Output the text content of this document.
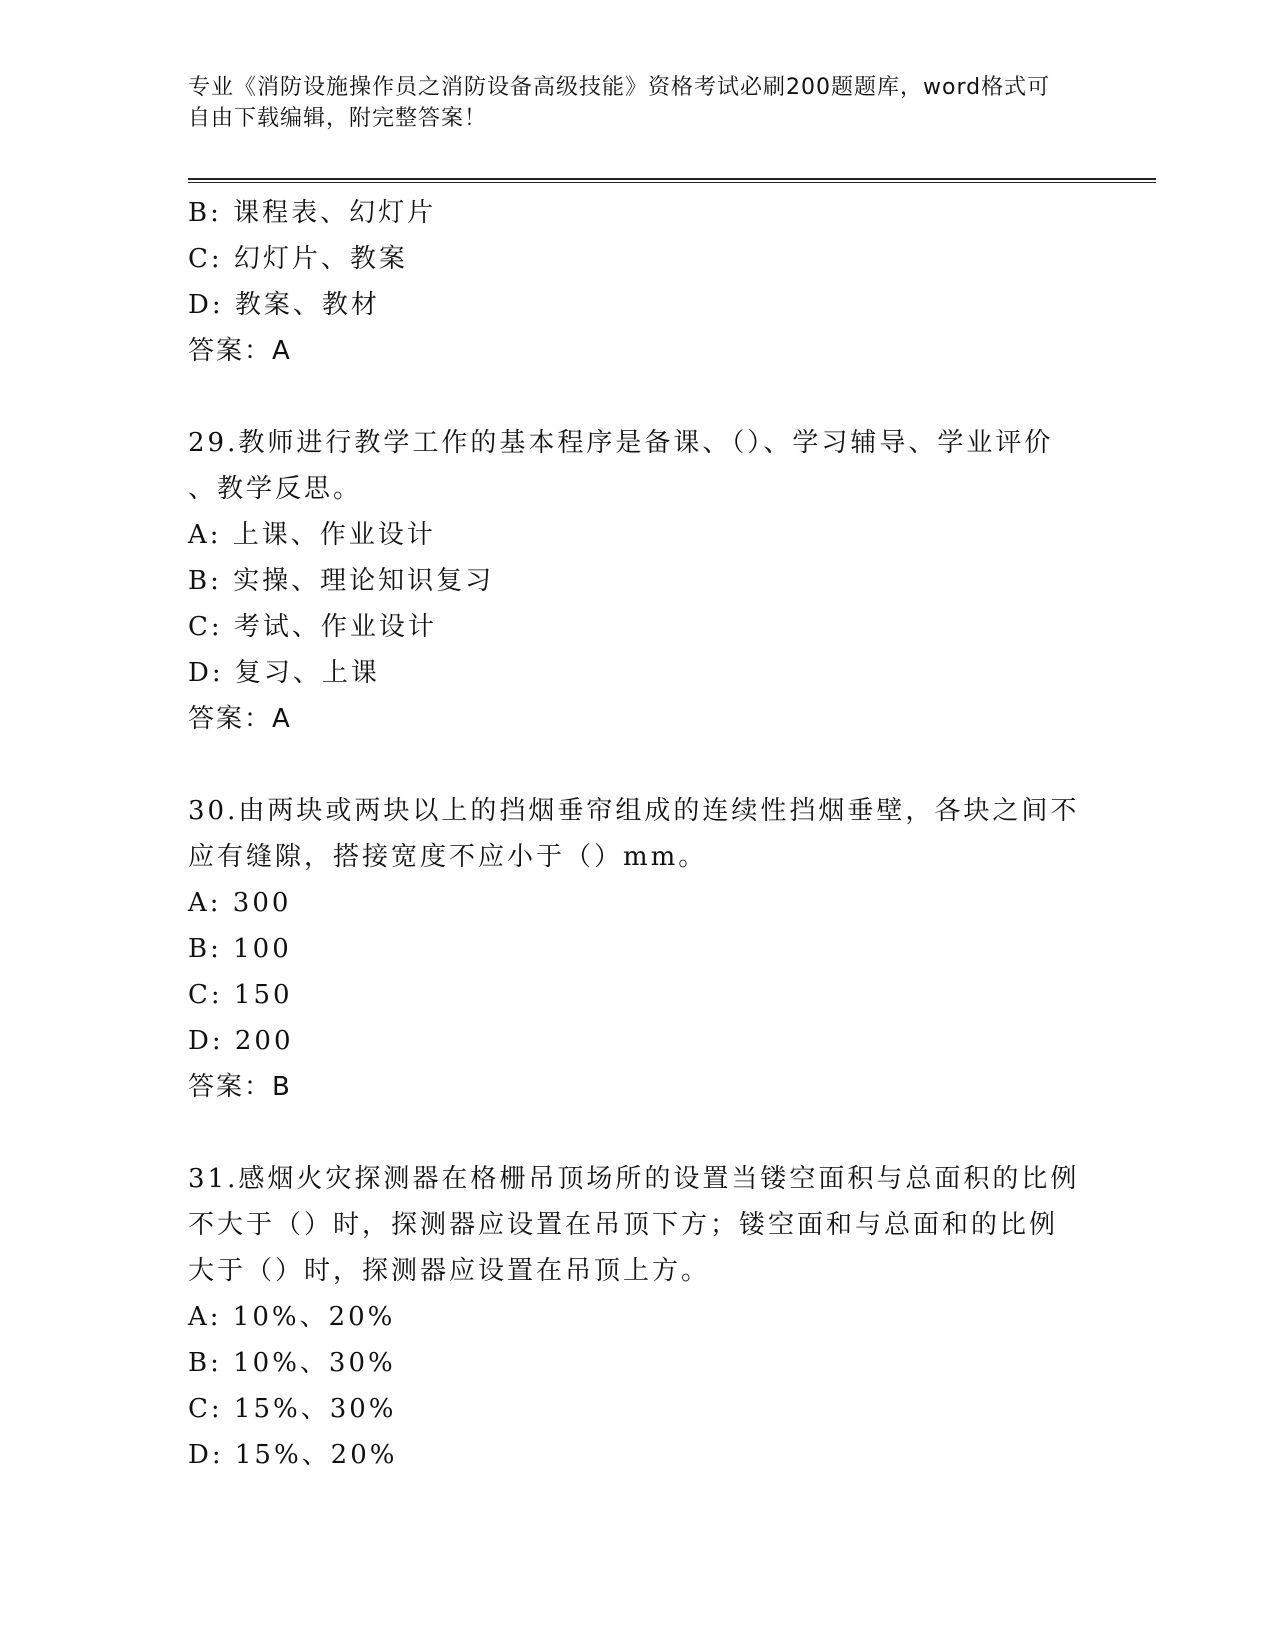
专业《消防设施操作员之消防设备高级技能》资格考试必刷200题题库，word格式可自由下载编辑，附完整答案！
B: 课程表、幻灯片
C: 幻灯片、教案
D: 教案、教材
答案：A
29.教师进行教学工作的基本程序是备课、（）、学习辅导、学业评价
、教学反思。
A: 上课、作业设计
B: 实操、理论知识复习
C: 考试、作业设计
D: 复习、上课
答案：A
30.由两块或两块以上的挡烟垂帘组成的连续性挡烟垂壁，各块之间不
应有缝隙，搭接宽度不应小于（）mm。
A: 300
B: 100
C: 150
D: 200
答案：B
31.感烟火灾探测器在格栅吊顶场所的设置当镂空面积与总面积的比例
不大于（）时，探测器应设置在吊顶下方；镂空面和与总面和的比例
大于（）时，探测器应设置在吊顶上方。
A: 10%、20%
B: 10%、30%
C: 15%、30%
D: 15%、20%
